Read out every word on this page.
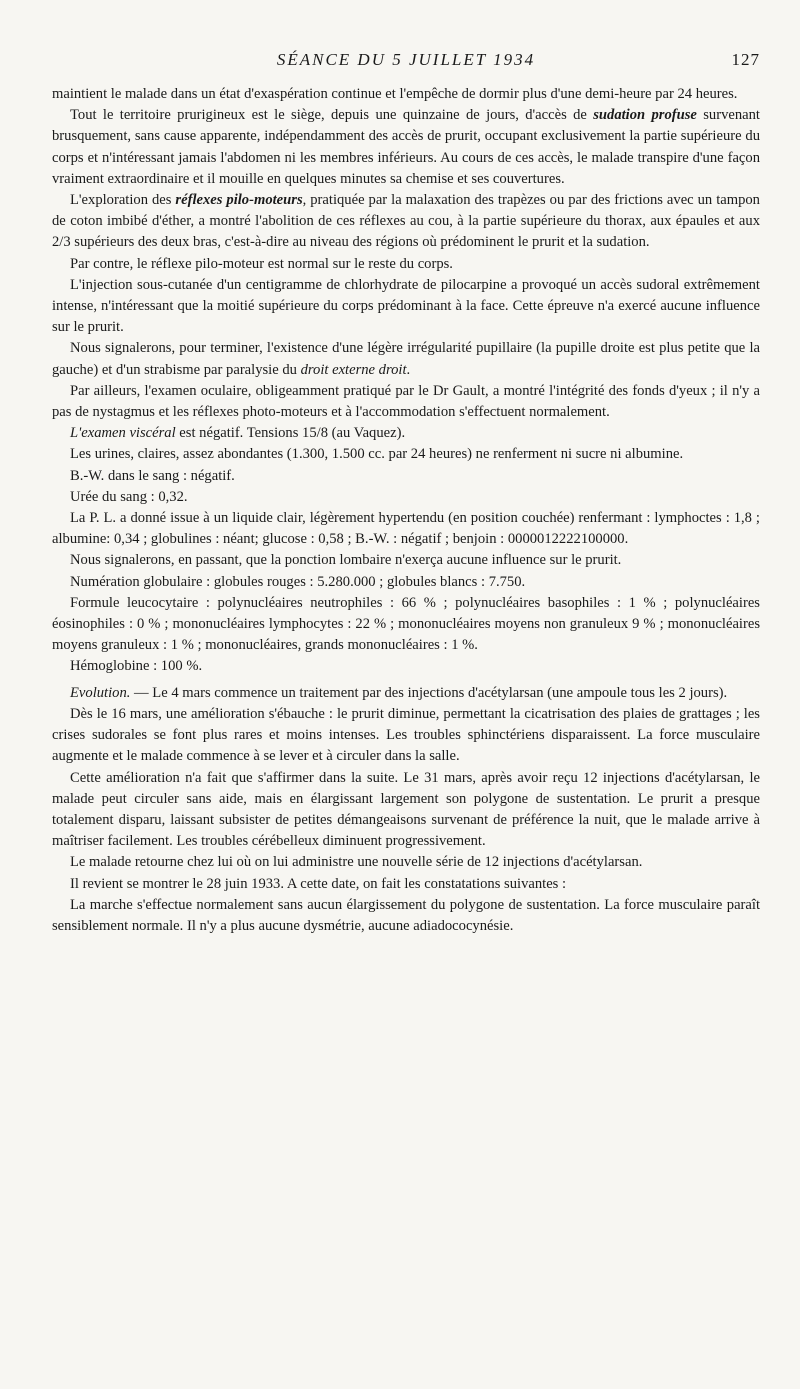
SÉANCE DU 5 JUILLET 1934	127

maintient le malade dans un état d'exaspération continue et l'empêche de dormir plus d'une demi-heure par 24 heures.

Tout le territoire prurigineux est le siège, depuis une quinzaine de jours, d'accès de sudation profuse survenant brusquement, sans cause apparente, indépendamment des accès de prurit, occupant exclusivement la partie supérieure du corps et n'intéressant jamais l'abdomen ni les membres inférieurs. Au cours de ces accès, le malade transpire d'une façon vraiment extraordinaire et il mouille en quelques minutes sa chemise et ses couvertures.

L'exploration des réflexes pilo-moteurs, pratiquée par la malaxation des trapèzes ou par des frictions avec un tampon de coton imbibé d'éther, a montré l'abolition de ces réflexes au cou, à la partie supérieure du thorax, aux épaules et aux 2/3 supérieurs des deux bras, c'est-à-dire au niveau des régions où prédominent le prurit et la sudation.

Par contre, le réflexe pilo-moteur est normal sur le reste du corps.

L'injection sous-cutanée d'un centigramme de chlorhydrate de pilocarpine a provoqué un accès sudoral extrêmement intense, n'intéressant que la moitié supérieure du corps prédominant à la face. Cette épreuve n'a exercé aucune influence sur le prurit.

Nous signalerons, pour terminer, l'existence d'une légère irrégularité pupillaire (la pupille droite est plus petite que la gauche) et d'un strabisme par paralysie du droit externe droit.

Par ailleurs, l'examen oculaire, obligeamment pratiqué par le Dr Gault, a montré l'intégrité des fonds d'yeux ; il n'y a pas de nystagmus et les réflexes photo-moteurs et à l'accommodation s'effectuent normalement.

L'examen viscéral est négatif. Tensions 15/8 (au Vaquez).

Les urines, claires, assez abondantes (1.300, 1.500 cc. par 24 heures) ne renferment ni sucre ni albumine.

B.-W. dans le sang : négatif.

Urée du sang : 0,32.

La P. L. a donné issue à un liquide clair, légèrement hypertendu (en position couchée) renfermant : lymphoctes : 1,8 ; albumine: 0,34 ; globulines : néant; glucose : 0,58 ; B.-W. : négatif ; benjoin : 0000012222100000.

Nous signalerons, en passant, que la ponction lombaire n'exerça aucune influence sur le prurit.

Numération globulaire : globules rouges : 5.280.000 ; globules blancs : 7.750.

Formule leucocytaire : polynucléaires neutrophiles : 66 % ; polynucléaires basophiles : 1 % ; polynucléaires éosinophiles : 0 % ; mononucléaires lymphocytes : 22 % ; mononucléaires moyens non granuleux 9 % ; mononucléaires moyens granuleux : 1 % ; mononucléaires, grands mononucléaires : 1 %.

Hémoglobine : 100 %.

Evolution. — Le 4 mars commence un traitement par des injections d'acétylarsan (une ampoule tous les 2 jours).

Dès le 16 mars, une amélioration s'ébauche : le prurit diminue, permettant la cicatrisation des plaies de grattages ; les crises sudorales se font plus rares et moins intenses. Les troubles sphinctériens disparaissent. La force musculaire augmente et le malade commence à se lever et à circuler dans la salle.

Cette amélioration n'a fait que s'affirmer dans la suite. Le 31 mars, après avoir reçu 12 injections d'acétylarsan, le malade peut circuler sans aide, mais en élargissant largement son polygone de sustentation. Le prurit a presque totalement disparu, laissant subsister de petites démangeaisons survenant de préférence la nuit, que le malade arrive à maîtriser facilement. Les troubles cérébelleux diminuent progressivement.

Le malade retourne chez lui où on lui administre une nouvelle série de 12 injections d'acétylarsan.

Il revient se montrer le 28 juin 1933. A cette date, on fait les constatations suivantes :

La marche s'effectue normalement sans aucun élargissement du polygone de sustentation. La force musculaire paraît sensiblement normale. Il n'y a plus aucune dysmétrie, aucune adiadococynésie.
